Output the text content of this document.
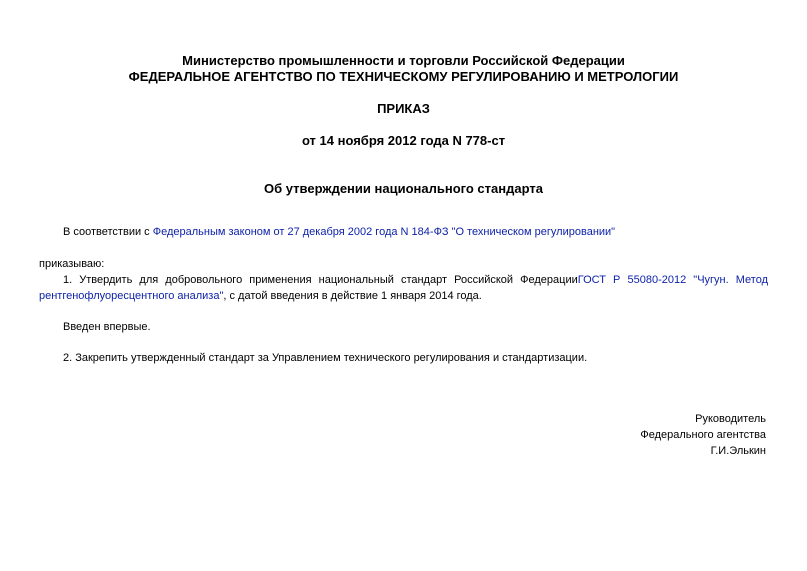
Министерство промышленности и торговли Российской Федерации
ФЕДЕРАЛЬНОЕ АГЕНТСТВО ПО ТЕХНИЧЕСКОМУ РЕГУЛИРОВАНИЮ И МЕТРОЛОГИИ
ПРИКАЗ
от 14 ноября 2012 года N 778-ст
Об утверждении национального стандарта
В соответствии с Федеральным законом от 27 декабря 2002 года N 184-ФЗ "О техническом регулировании"
приказываю:
1. Утвердить для добровольного применения национальный стандарт Российской ФедерацииГОСТ Р 55080-2012 "Чугун. Метод рентгенофлуоресцентного анализа", с датой введения в действие 1 января 2014 года.
Введен впервые.
2. Закрепить утвержденный стандарт за Управлением технического регулирования и стандартизации.
Руководитель
Федерального агентства
Г.И.Элькин
